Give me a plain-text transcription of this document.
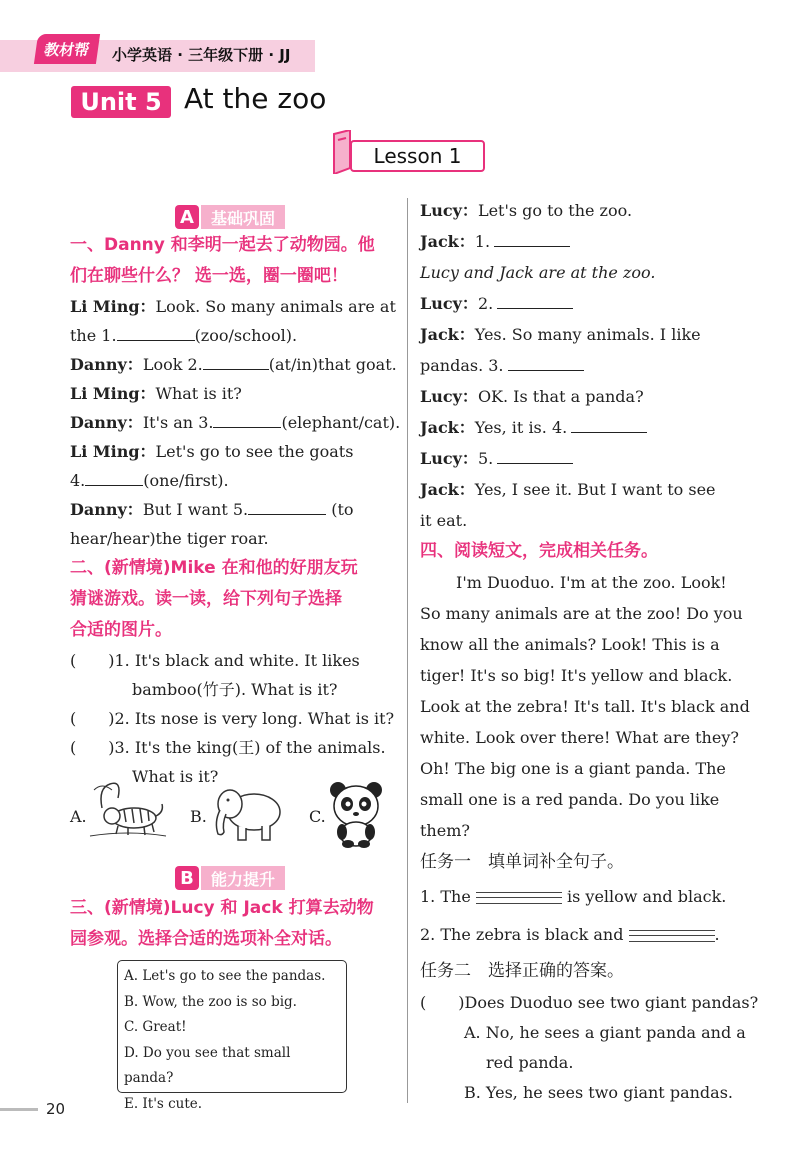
教材帮	小学英语 · 三年级下册 · JJ
Unit 5 At the zoo
Lesson 1
A	基础巩固
一、Danny 和李明一起去了动物园。他
们在聊些什么？ 选一选，圈一圈吧！
Li Ming：Look. So many animals are at
the 1.	(zoo/school).
Danny：Look 2.	(at/in)that goat.
Li Ming：What is it?
Danny：It's an 3.	(elephant/cat).
Li Ming：Let's go to see the goats
4.	(one/first).
Danny：But I want 5.	(to
hear/hear)the tiger roar.
二、(新情境)Mike 在和他的好朋友玩
猜谜游戏。读一读，给下列句子选择
合适的图片。
(　　)1. It's black and white. It likes
bamboo(竹子). What is it?
(　　)2. Its nose is very long. What is it?
(　　)3. It's the king(王) of the animals.
What is it?
A.	B.	C.
B	能力提升
三、(新情境)Lucy 和 Jack 打算去动物
园参观。选择合适的选项补全对话。
A. Let's go to see the pandas.
B. Wow, the zoo is so big.
C. Great!
D. Do you see that small panda?
E. It's cute.
Lucy：Let's go to the zoo.
Jack：1.
Lucy and Jack are at the zoo.
Lucy：2.
Jack：Yes. So many animals. I like
pandas. 3.
Lucy：OK. Is that a panda?
Jack：Yes, it is. 4.
Lucy：5.
Jack：Yes, I see it. But I want to see
it eat.
四、阅读短文，完成相关任务。
I'm Duoduo. I'm at the zoo. Look!
So many animals are at the zoo! Do you
know all the animals? Look! This is a
tiger! It's so big! It's yellow and black.
Look at the zebra! It's tall. It's black and
white. Look over there! What are they?
Oh! The big one is a giant panda. The
small one is a red panda. Do you like
them?
任务一　填单词补全句子。
1. The	is yellow and black.
2. The zebra is black and	.
任务二　选择正确的答案。
(　　)Does Duoduo see two giant pandas?
A. No, he sees a giant panda and a
red panda.
B. Yes, he sees two giant pandas.
20
